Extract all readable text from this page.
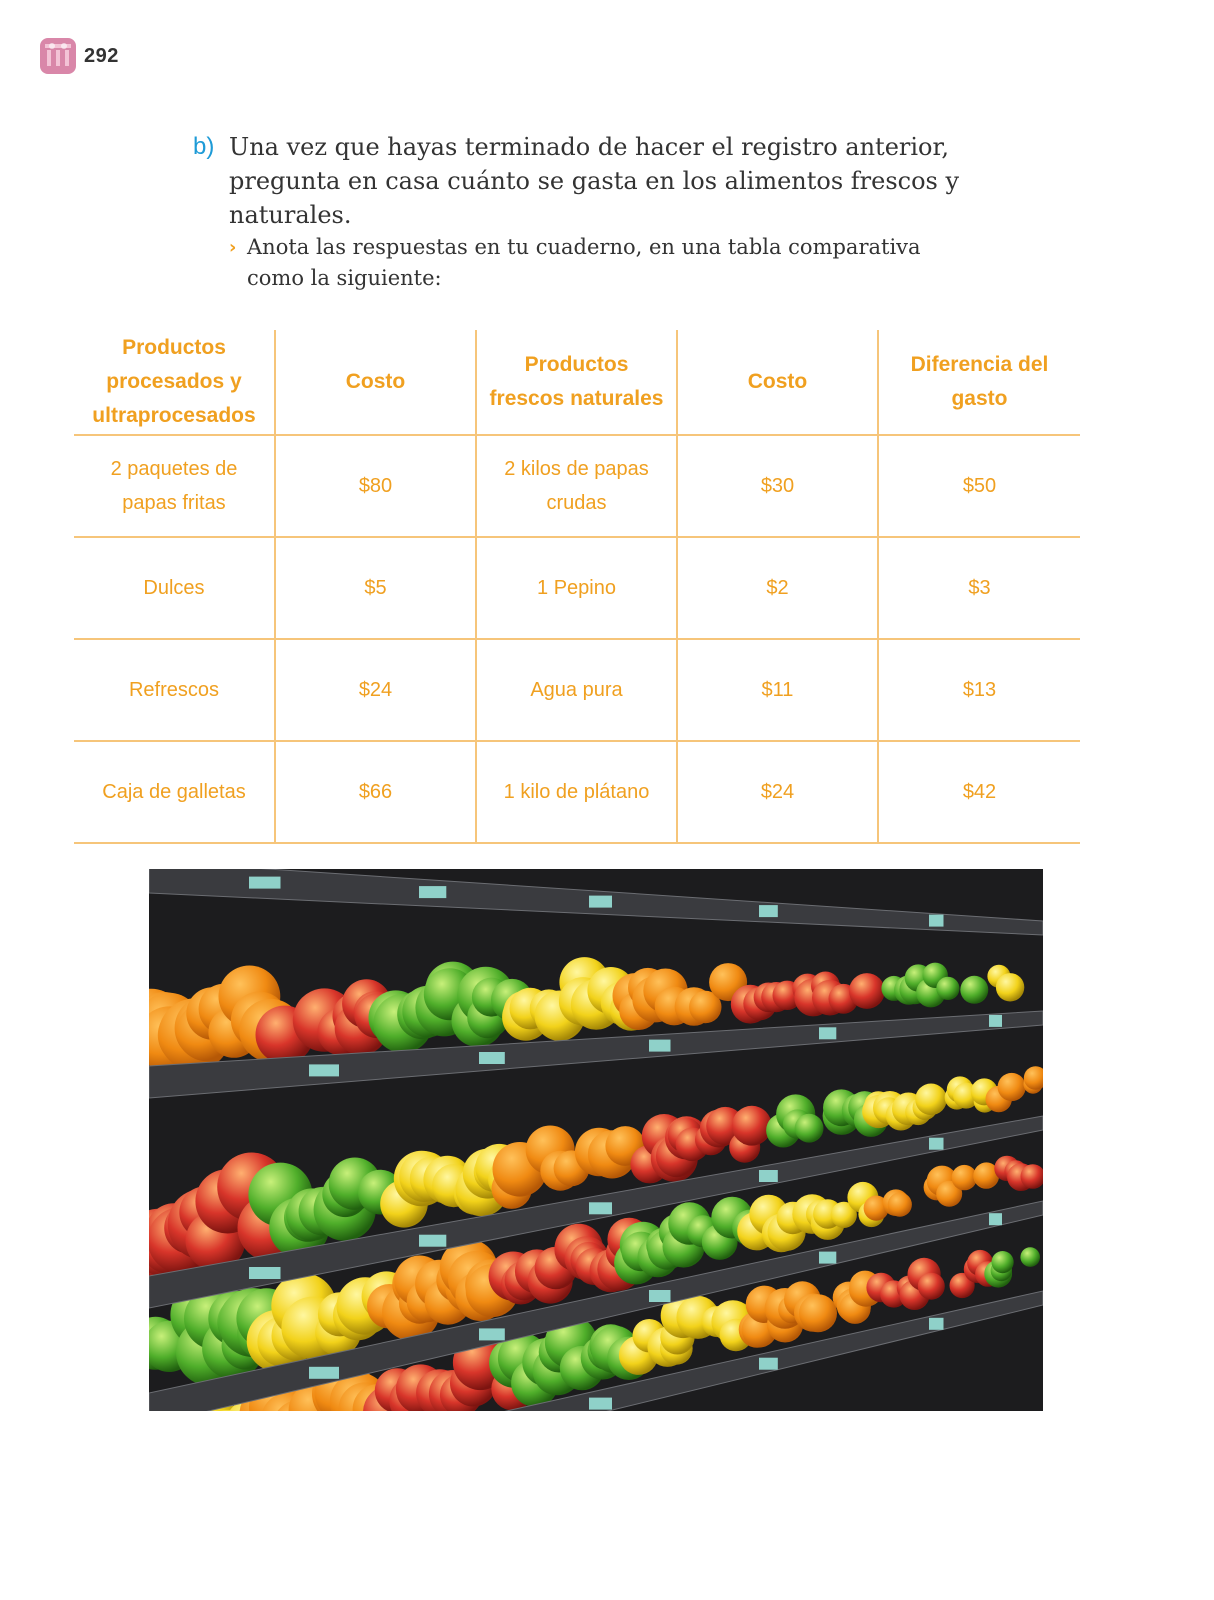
292
b) Una vez que hayas terminado de hacer el registro anterior, pregunta en casa cuánto se gasta en los alimentos frescos y naturales.
› Anota las respuestas en tu cuaderno, en una tabla comparativa como la siguiente:
Productos procesados y ultraprocesados	Costo	Productos frescos naturales	Costo	Diferencia del gasto
2 paquetes de papas fritas	$80	2 kilos de papas crudas	$30	$50
Dulces	$5	1 Pepino	$2	$3
Refrescos	$24	Agua pura	$11	$13
Caja de galletas	$66	1 kilo de plátano	$24	$42
